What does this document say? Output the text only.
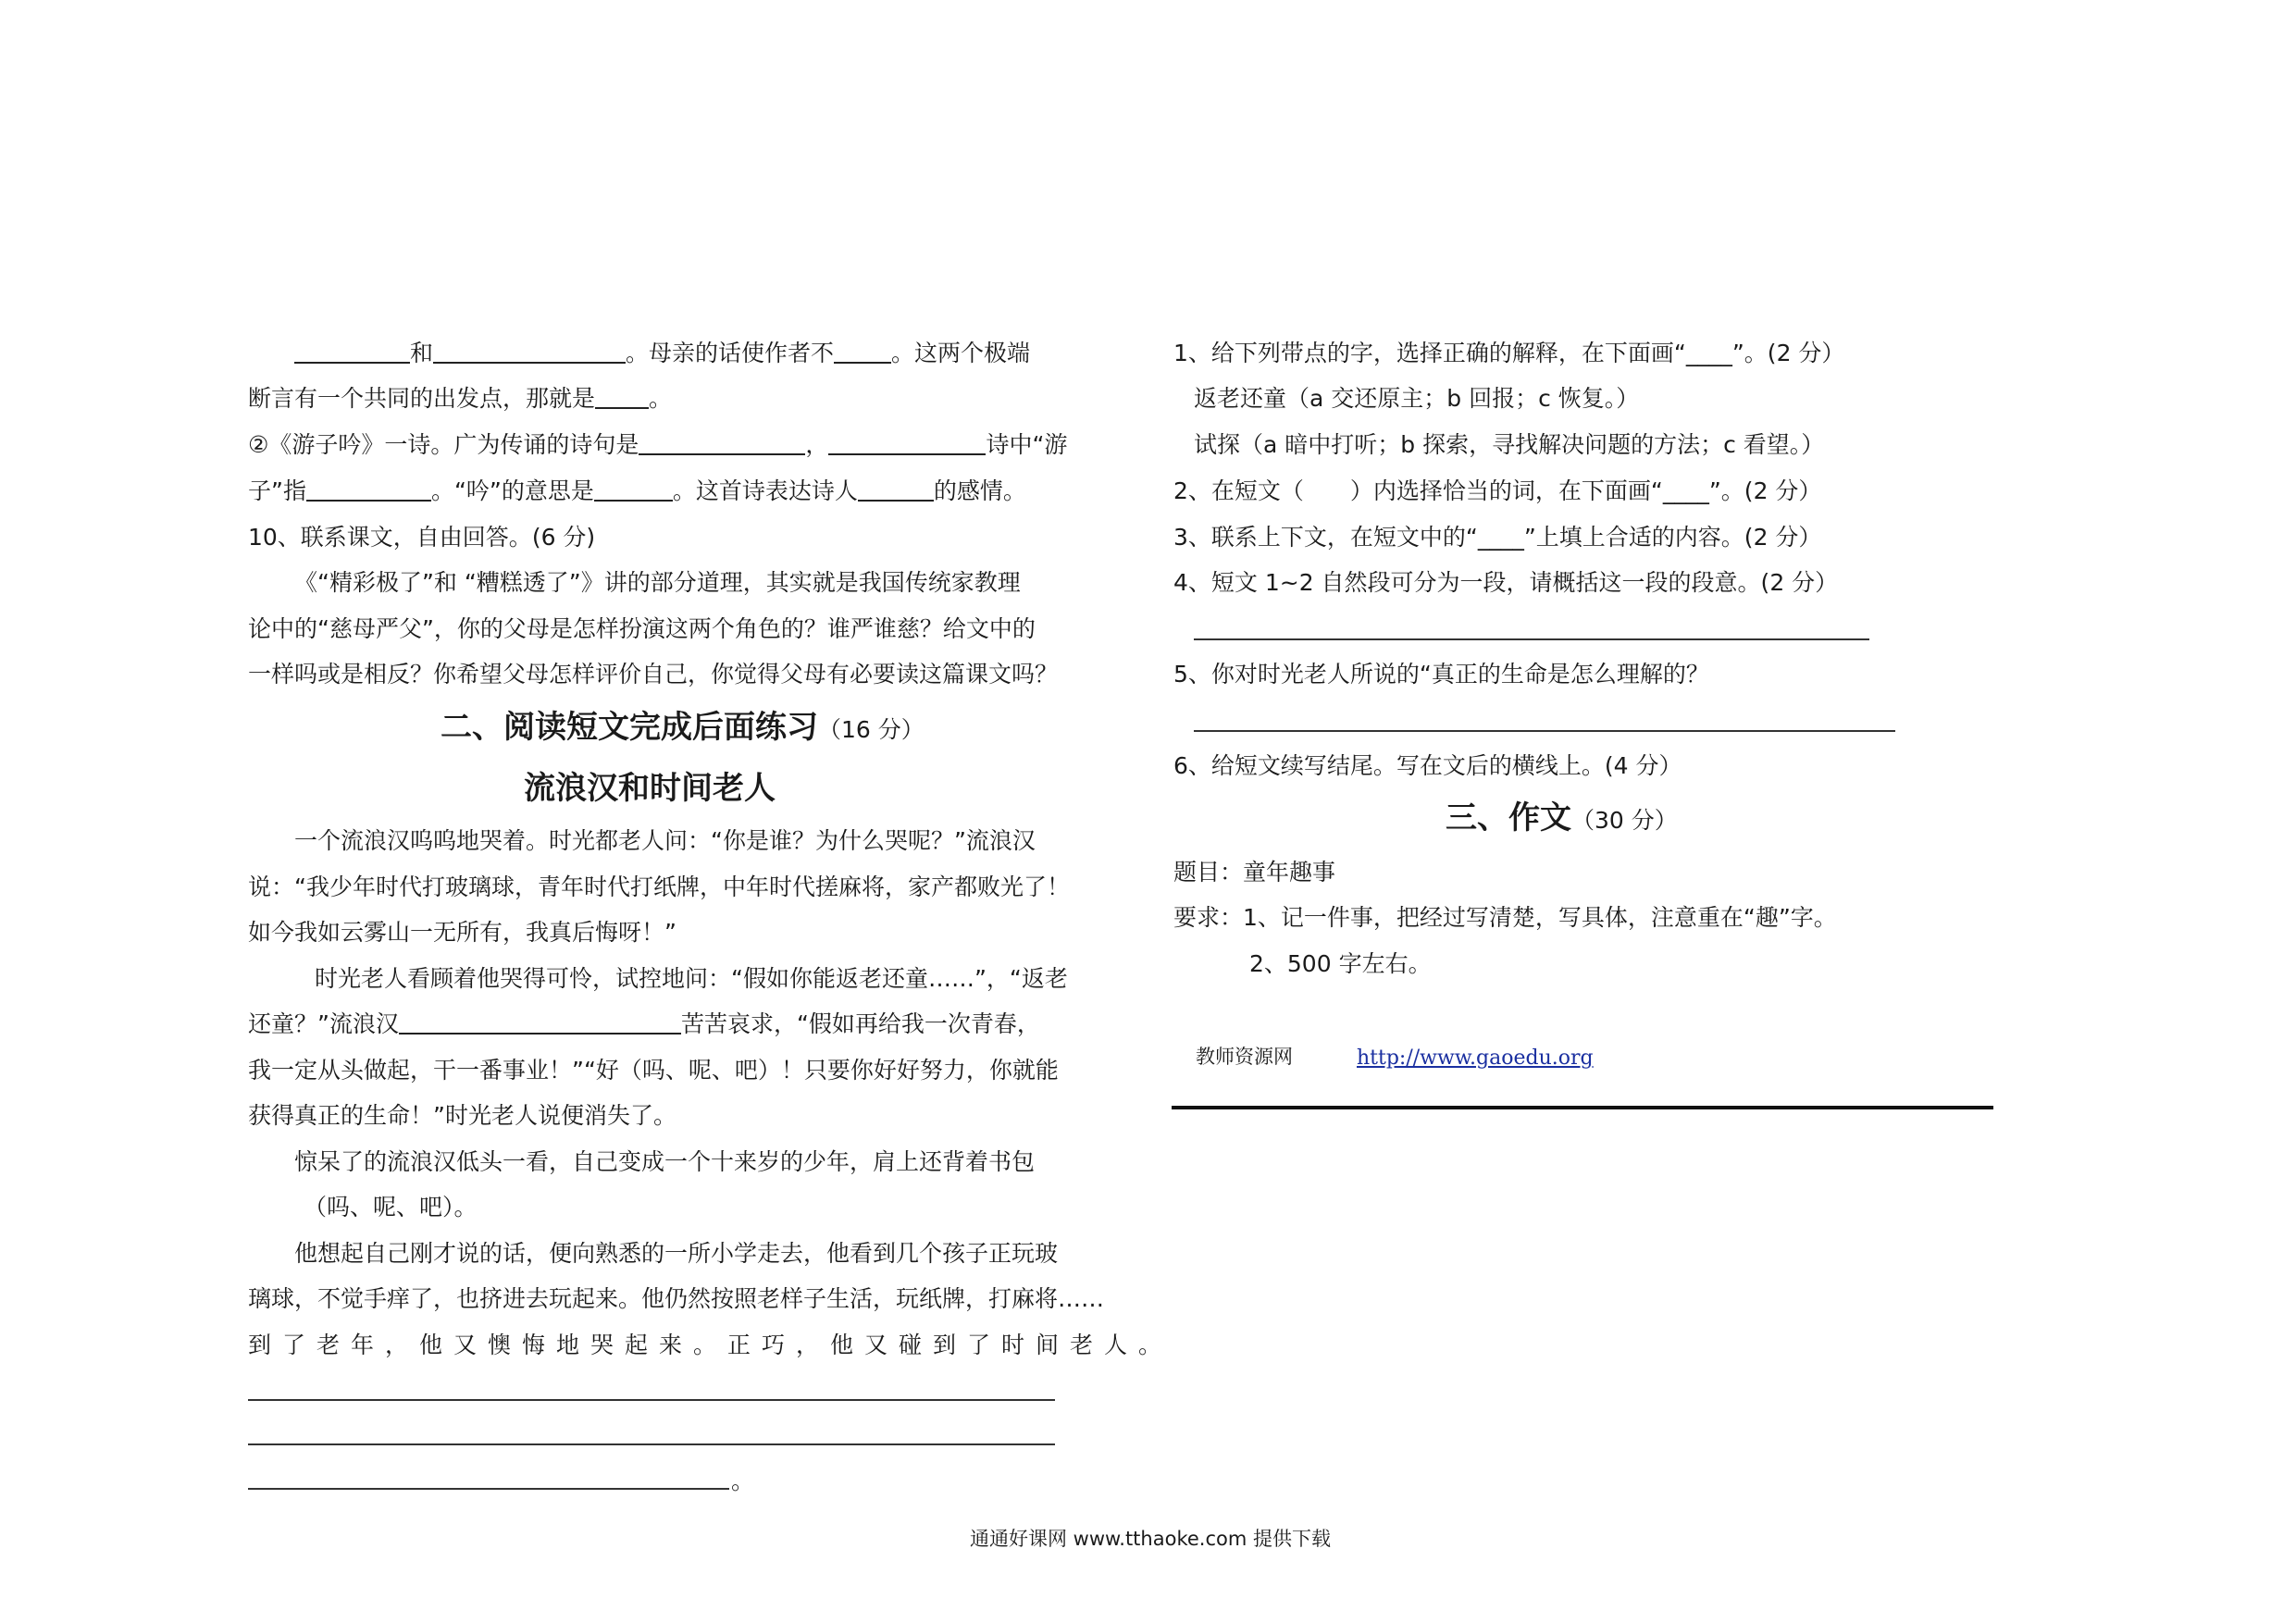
和	。母亲的话使作者不 。这两个极端
断言有一个共同的出发点，那就是 。
②《游子吟》一诗。广为传诵的诗句是	，	诗中“游
子”指	。“吟”的意思是	。这首诗表达诗人	的感情。
10、联系课文，自由回答。(6 分)
《“精彩极了”和 “糟糕透了”》讲的部分道理，其实就是我国传统家教理
论中的“慈母严父”，你的父母是怎样扮演这两个角色的？谁严谁慈？给文中的
一样吗或是相反？你希望父母怎样评价自己，你觉得父母有必要读这篇课文吗？
二、阅读短文完成后面练习（16 分）
流浪汉和时间老人
一个流浪汉呜呜地哭着。时光都老人问：“你是谁？为什么哭呢？”流浪汉
说：“我少年时代打玻璃球，青年时代打纸牌，中年时代搓麻将，家产都败光了！
如今我如云雾山一无所有，我真后悔呀！”
时光老人看顾着他哭得可怜，试控地问：“假如你能返老还童……”，“返老
还童？”流浪汉	苦苦哀求，“假如再给我一次青春，
我一定从头做起，干一番事业！”“好（吗、呢、吧）！只要你好好努力，你就能
获得真正的生命！”时光老人说便消失了。
惊呆了的流浪汉低头一看，自己变成一个十来岁的少年，肩上还背着书包
（吗、呢、吧）。
他想起自己刚才说的话，便向熟悉的一所小学走去，他看到几个孩子正玩玻
璃球，不觉手痒了，也挤进去玩起来。他仍然按照老样子生活，玩纸牌，打麻将……
到了老年，他又懊悔地哭起来。正巧，他又碰到了时间老人。
。
1、给下列带点的字，选择正确的解释，在下面画“____”。(2 分）
返老还童（a 交还原主；b 回报；c 恢复。）
试探（a 暗中打听；b 探索，寻找解决问题的方法；c 看望。）
2、在短文（　　）内选择恰当的词，在下面画“____”。(2 分）
3、联系上下文，在短文中的“____”上填上合适的内容。(2 分）
4、短文 1~2 自然段可分为一段，请概括这一段的段意。(2 分）
5、你对时光老人所说的“真正的生命是怎么理解的？
6、给短文续写结尾。写在文后的横线上。(4 分）
三、作文（30 分）
题目：童年趣事
要求：1、记一件事，把经过写清楚，写具体，注意重在“趣”字。
2、500 字左右。
教师资源网	http://www.gaoedu.org
通通好课网 www.tthaoke.com 提供下载
